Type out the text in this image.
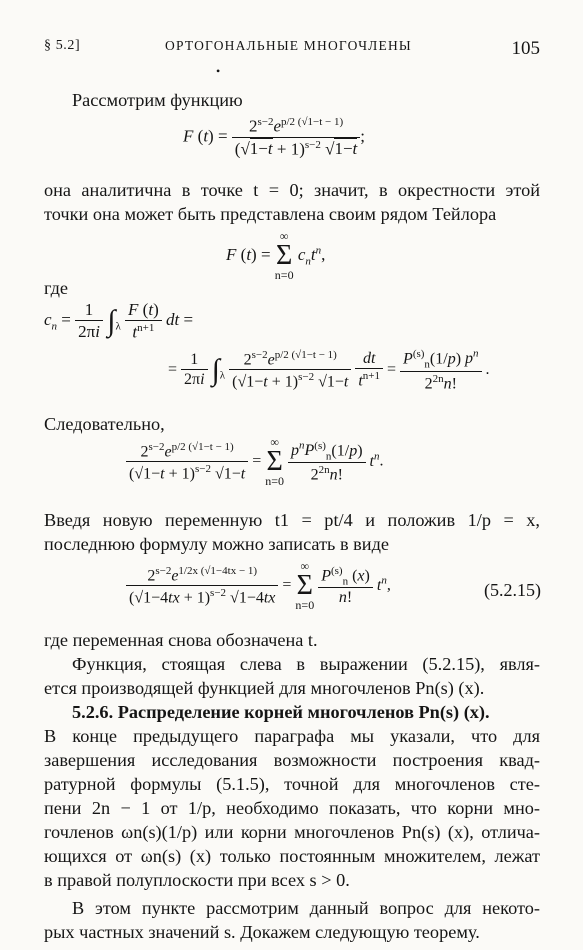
§ 5.2]	ОРТОГОНАЛЬНЫЕ МНОГОЧЛЕНЫ	105
•
Рассмотрим функцию
F $(t) = \frac{2^{s-2}e^{p/2 (√1-t - 1)}}{(√1-t + 1)^{s-2} √1-t}$ ;
она аналитична в точке t = 0; значит, в окрестности этой
точки она может быть представлена своим рядом Тейлора
F (t) =
∞
Σ
n=0
$c_nt^n$,
где
$c_n = \frac{1}{2\pi i} \int_\lambda \frac{F (t)}{t^{n+1}}$ dt =
= $\frac{1}{2\pi i} \int_\lambda \frac{2^{s-2}e^{p/2 (√1-t - 1)}}{(√1-t + 1)^{s-2} √1-t}$
$\frac{dt}{t^{n+1}} = \frac{P^{(s)}_n(1/p) p^n}{2^{2n}n!}$ .
Следовательно,
$\frac{2^{s-2}e^{p/2 (√1-t - 1)}}{(√1-t + 1)^{s-2} √1-t}$ =
∞
Σ
n=0
$\frac{p^nP^{(s)}_n(1/p)}{2^{2n}n!} t^n$.
Введя новую переменную t1 = pt/4 и положив 1/p = x,
последнюю формулу можно записать в виде
$\frac{2^{s-2}e^{1/2x (√1-4tx - 1)}}{(√1-4tx + 1)^{s-2} √1-4tx}$ =
∞
Σ
n=0
$\frac{P^{(s)}_n (x)}{n!} t^n$,	(5.2.15)
где переменная снова обозначена t.
Функция, стоящая слева в выражении (5.2.15), явля-
ется производящей функцией для многочленов Pn(s) (x).
5.2.6. Распределение корней многочленов Pn(s) (x).
В конце предыдущего параграфа мы указали, что для
завершения исследования возможности построения квад-
ратурной формулы (5.1.5), точной для многочленов сте-
пени 2n − 1 от 1/p, необходимо показать, что корни мно-
гочленов ωn(s)(1/p) или корни многочленов Pn(s) (x), отлича-
ющихся от ωn(s) (x) только постоянным множителем, лежат
в правой полуплоскости при всех s > 0.
В этом пункте рассмотрим данный вопрос для некото-
рых частных значений s. Докажем следующую теорему.
